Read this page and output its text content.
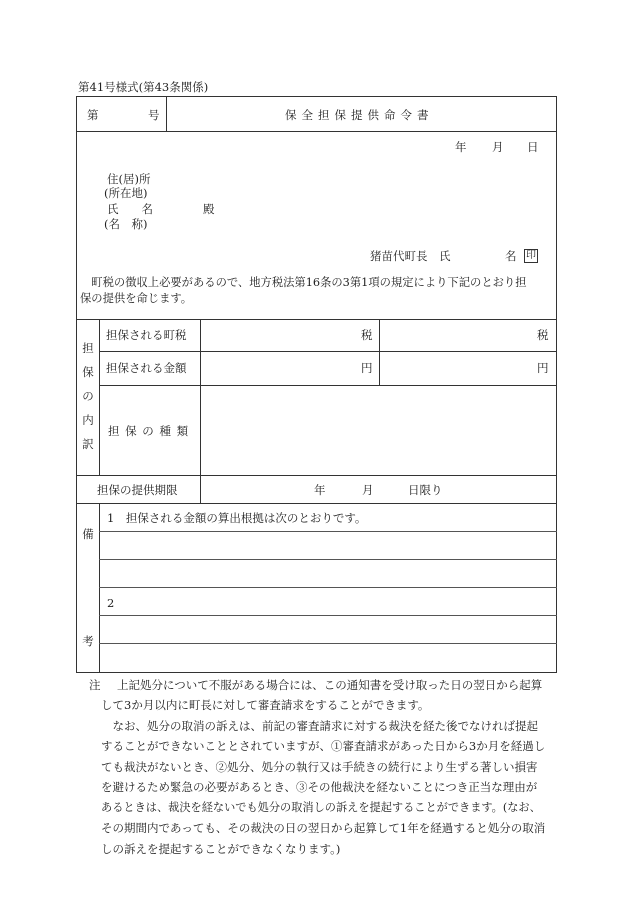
第41号様式(第43条関係)
第	号	保全担保提供命令書
年 月 日
住(居)所
(所在地)
氏　　名	殿
(名　称)
猪苗代町長　氏	名 印
　町税の徴収上必要があるので、地方税法第16条の3第1項の規定により下記のとおり担
保の提供を命じます。
担
保
の
内
訳
担保される町税	税	税
担保される金額	円	円
担 保 の 種 類
担保の提供期限	年	月	日限り
備
考
1　担保される金額の算出根拠は次のとおりです。
2
注 上記処分について不服がある場合には、この通知書を受け取った日の翌日から起算
して3か月以内に町長に対して審査請求をすることができます。
　なお、処分の取消の訴えは、前記の審査請求に対する裁決を経た後でなければ提起
することができないこととされていますが、①審査請求があった日から3か月を経過し
ても裁決がないとき、②処分、処分の執行又は手続きの続行により生ずる著しい損害
を避けるため緊急の必要があるとき、③その他裁決を経ないことにつき正当な理由が
あるときは、裁決を経ないでも処分の取消しの訴えを提起することができます。(なお、
その期間内であっても、その裁決の日の翌日から起算して1年を経過すると処分の取消
しの訴えを提起することができなくなります。)
